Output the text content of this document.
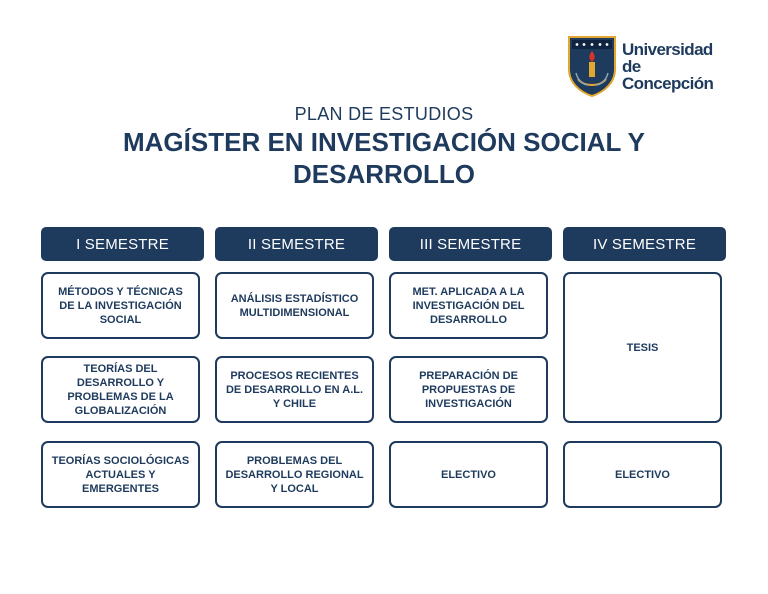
Universidad
de Concepción
PLAN DE ESTUDIOS
MAGÍSTER EN INVESTIGACIÓN SOCIAL Y DESARROLLO
I SEMESTRE
MÉTODOS Y TÉCNICAS DE LA INVESTIGACIÓN SOCIAL
TEORÍAS DEL DESARROLLO Y PROBLEMAS DE LA GLOBALIZACIÓN
TEORÍAS SOCIOLÓGICAS ACTUALES Y EMERGENTES
II SEMESTRE
ANÁLISIS ESTADÍSTICO MULTIDIMENSIONAL
PROCESOS RECIENTES DE DESARROLLO EN A.L. Y CHILE
PROBLEMAS DEL DESARROLLO REGIONAL Y LOCAL
III SEMESTRE
MET. APLICADA A LA INVESTIGACIÓN DEL DESARROLLO
PREPARACIÓN DE PROPUESTAS DE INVESTIGACIÓN
ELECTIVO
IV SEMESTRE
TESIS
ELECTIVO
